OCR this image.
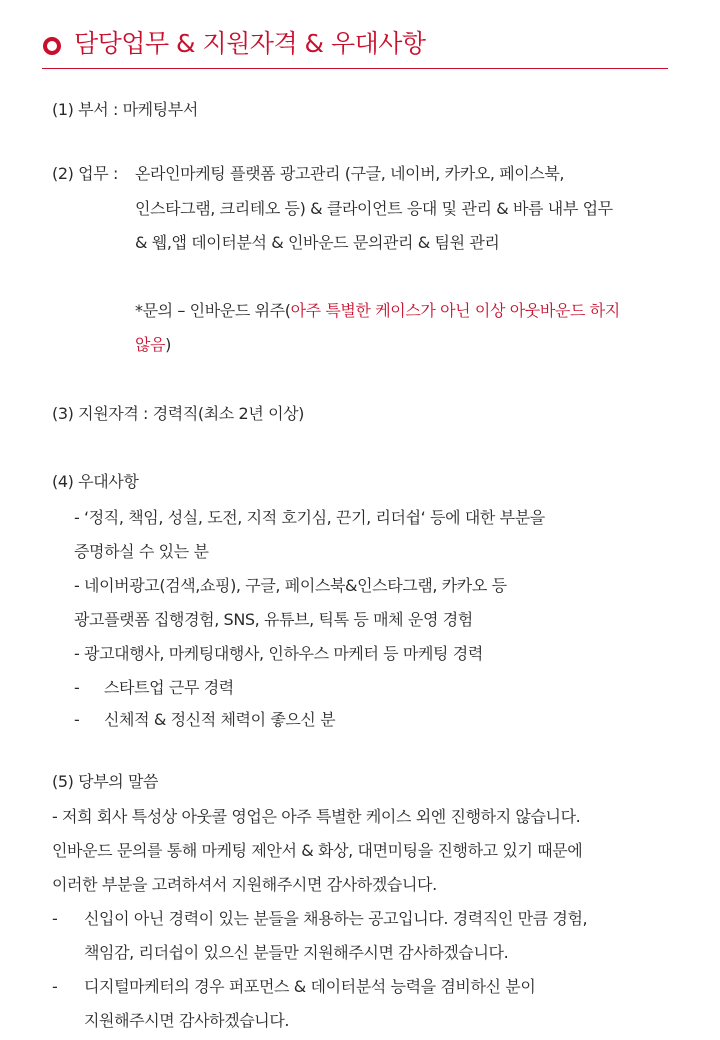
담당업무 & 지원자격 & 우대사항
(1) 부서 : 마케팅부서
(2) 업무 : 온라인마케팅 플랫폼 광고관리 (구글, 네이버, 카카오, 페이스북,
인스타그램, 크리테오 등) & 클라이언트 응대 및 관리 & 바름 내부 업무
& 웹,앱 데이터분석 & 인바운드 문의관리 & 팀원 관리
*문의 – 인바운드 위주(아주 특별한 케이스가 아닌 이상 아웃바운드 하지
않음)
(3) 지원자격 : 경력직(최소 2년 이상)
(4) 우대사항
- ‘정직, 책임, 성실, 도전, 지적 호기심, 끈기, 리더쉽‘ 등에 대한 부분을
증명하실 수 있는 분
- 네이버광고(검색,쇼핑), 구글, 페이스북&인스타그램, 카카오 등
광고플랫폼 집행경험, SNS, 유튜브, 틱톡 등 매체 운영 경험
- 광고대행사, 마케팅대행사, 인하우스 마케터 등 마케팅 경력
- 스타트업 근무 경력
- 신체적 & 정신적 체력이 좋으신 분
(5) 당부의 말씀
- 저희 회사 특성상 아웃콜 영업은 아주 특별한 케이스 외엔 진행하지 않습니다.
인바운드 문의를 통해 마케팅 제안서 & 화상, 대면미팅을 진행하고 있기 때문에
이러한 부분을 고려하셔서 지원해주시면 감사하겠습니다.
- 신입이 아닌 경력이 있는 분들을 채용하는 공고입니다. 경력직인 만큼 경험,
책임감, 리더쉽이 있으신 분들만 지원해주시면 감사하겠습니다.
- 디지털마케터의 경우 퍼포먼스 & 데이터분석 능력을 겸비하신 분이
지원해주시면 감사하겠습니다.
